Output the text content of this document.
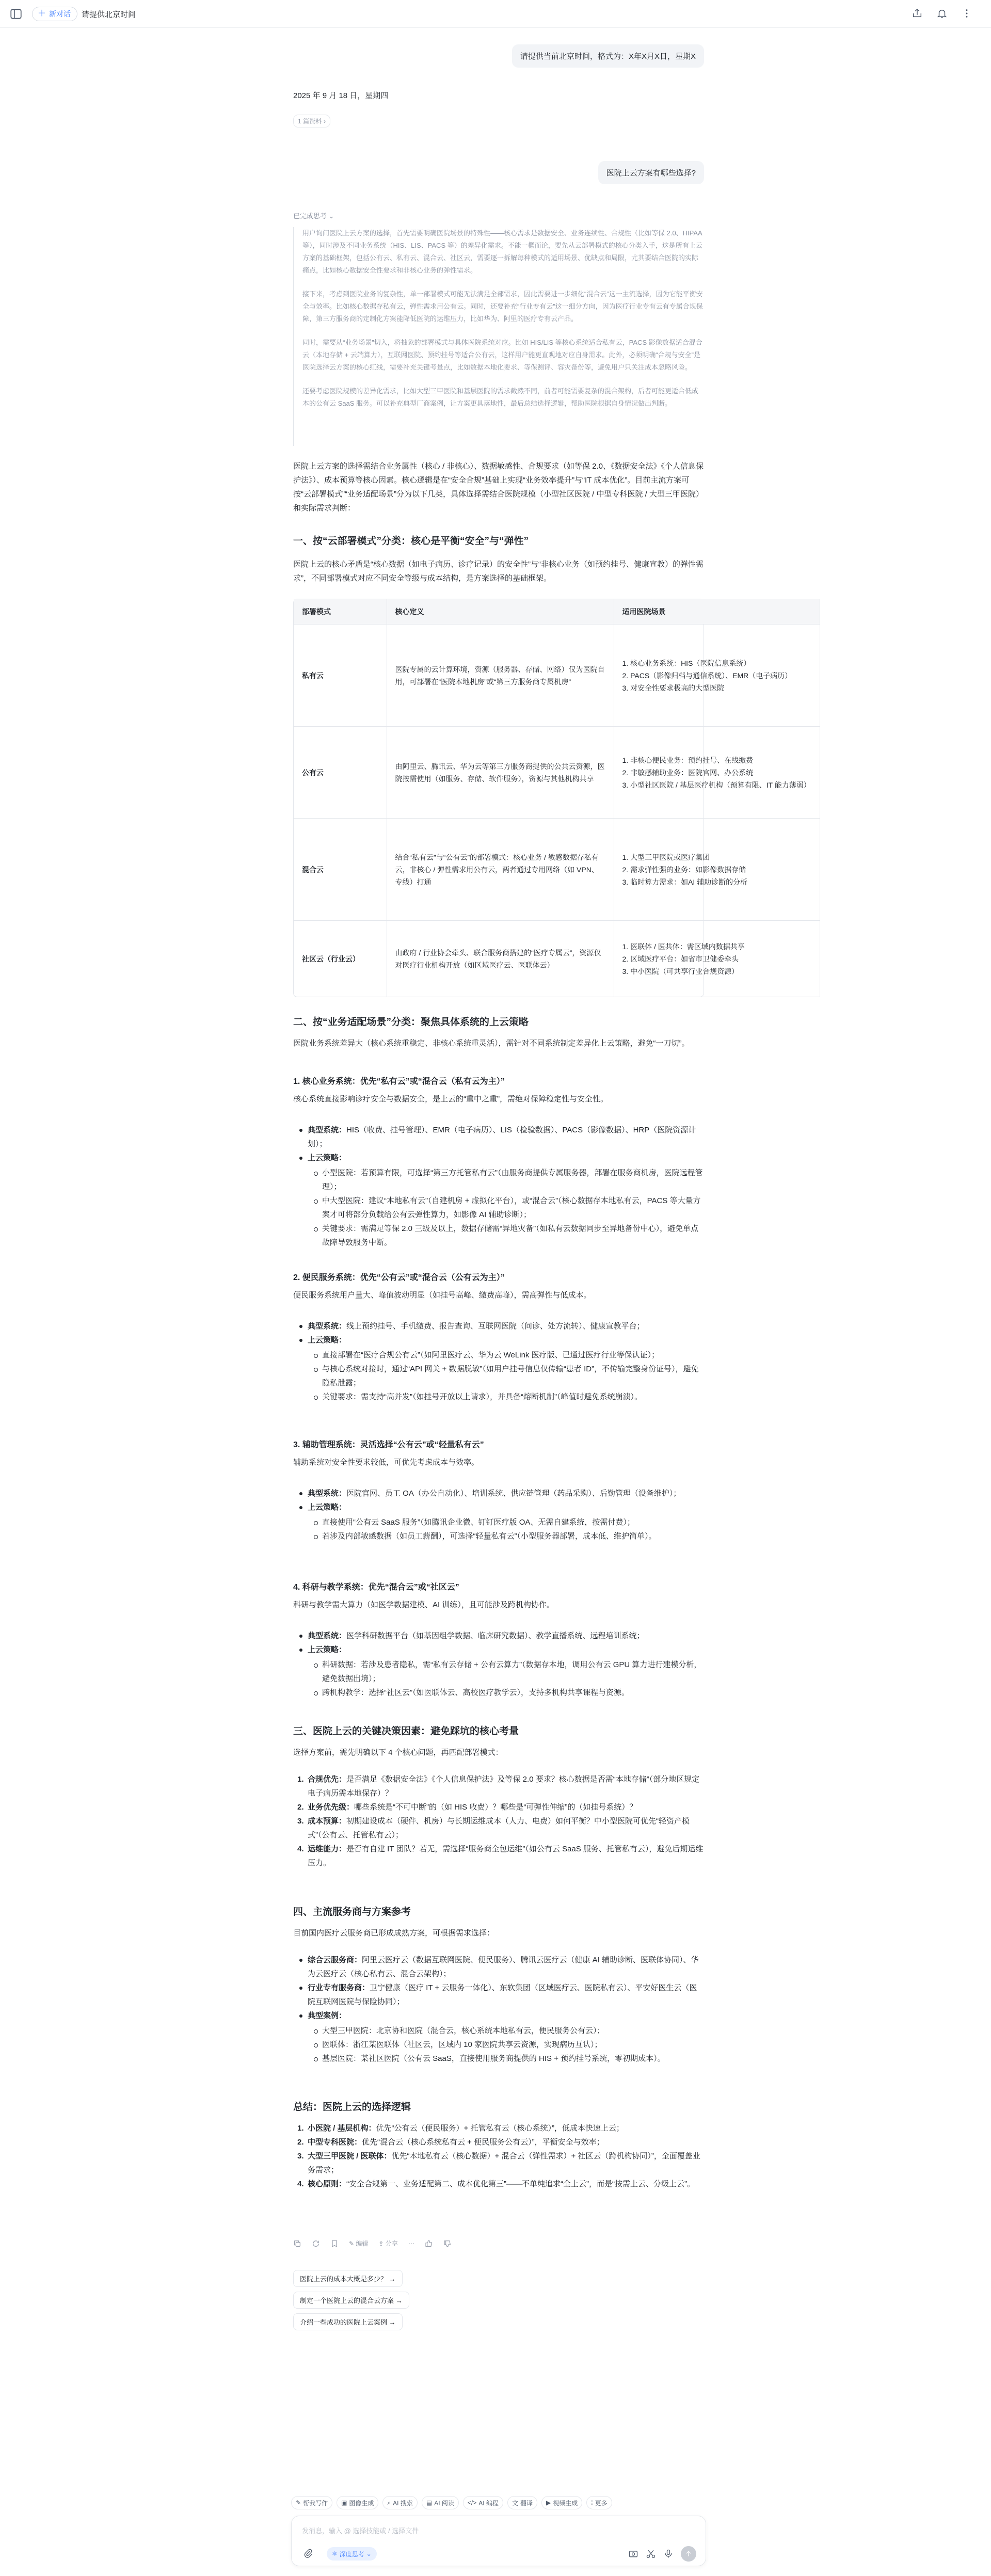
＋ 新对话 请提供北京时间
请提供当前北京时间，格式为：X年X月X日，星期X
2025 年 9 月 18 日，星期四
1 篇资料 ›
医院上云方案有哪些选择?
已完成思考 ⌄

用户询问医院上云方案的选择，首先需要明确医院场景的特殊性——核心需求是数据安全、业务连续性、合规性（比如等保 2.0、HIPAA 等），同时涉及不同业务系统（HIS、LIS、PACS 等）的差异化需求。不能一概而论，要先从云部署模式的核心分类入手，这是所有上云方案的基础框架，包括公有云、私有云、混合云、社区云，需要逐一拆解每种模式的适用场景、优缺点和局限，尤其要结合医院的实际痛点，比如核心数据安全性要求和非核心业务的弹性需求。

接下来，考虑到医院业务的复杂性，单一部署模式可能无法满足全部需求，因此需要进一步细化“混合云”这一主流选择，因为它能平衡安全与效率。比如核心数据存私有云，弹性需求用公有云。同时，还要补充“行业专有云”这一细分方向，因为医疗行业专有云有专属合规保障，第三方服务商的定制化方案能降低医院的运维压力，比如华为、阿里的医疗专有云产品。

同时，需要从“业务场景”切入，将抽象的部署模式与具体医院系统对应。比如 HIS/LIS 等核心系统适合私有云，PACS 影像数据适合混合云（本地存储 + 云端算力），互联网医院、预约挂号等适合公有云，这样用户能更直观地对应自身需求。此外，必须明确“合规与安全”是医院选择云方案的核心红线，需要补充关键考量点，比如数据本地化要求、等保测评、容灾备份等，避免用户只关注成本忽略风险。

还要考虑医院规模的差异化需求，比如大型三甲医院和基层医院的需求截然不同，前者可能需要复杂的混合架构，后者可能更适合低成本的公有云 SaaS 服务。可以补充典型厂商案例，让方案更具落地性，最后总结选择逻辑，帮助医院根据自身情况做出判断。

医院上云方案的选择需结合业务属性（核心 / 非核心）、数据敏感性、合规要求（如等保 2.0、《数据安全法》《个人信息保护法》）、成本预算等核心因素。核心逻辑是在“安全合规”基础上实现“业务效率提升”与“IT 成本优化”。目前主流方案可按“云部署模式”“业务适配场景”分为以下几类，具体选择需结合医院规模（小型社区医院 / 中型专科医院 / 大型三甲医院）和实际需求判断：
一、按“云部署模式”分类：核心是平衡“安全”与“弹性”
医院上云的核心矛盾是“核心数据（如电子病历、诊疗记录）的安全性”与“非核心业务（如预约挂号、健康宣教）的弹性需求”，不同部署模式对应不同安全等级与成本结构，是方案选择的基础框架。
部署模式	核心定义	适用医院场景
私有云	医院专属的云计算环境，资源（服务器、存储、网络）仅为医院自用，可部署在“医院本地机房”或“第三方服务商专属机房”	1. 核心业务系统：HIS（医院信息系统）
2. PACS（影像归档与通信系统）、EMR（电子病历）
3. 对安全性要求极高的大型医院

公有云	由阿里云、腾讯云、华为云等第三方服务商提供的公共云资源，医院按需使用（如服务、存储、软件服务），资源与其他机构共享	1. 非核心便民业务：预约挂号、在线缴费
2. 非敏感辅助业务：医院官网、办公系统
3. 小型社区医院 / 基层医疗机构（预算有限、IT 能力薄弱）

混合云	结合“私有云”与“公有云”的部署模式：核心业务 / 敏感数据存私有云，非核心 / 弹性需求用公有云，两者通过专用网络（如 VPN、专线）打通	1. 大型三甲医院或医疗集团
2. 需求弹性强的业务：如影像数据存储
3. 临时算力需求：如AI 辅助诊断的分析

社区云（行业云）	由政府 / 行业协会牵头、联合服务商搭建的“医疗专属云”，资源仅对医疗行业机构开放（如区域医疗云、医联体云）	1. 医联体 / 医共体：需区域内数据共享
2. 区域医疗平台：如省市卫健委牵头
3. 中小医院（可共享行业合规资源）
二、按“业务适配场景”分类：聚焦具体系统的上云策略
医院业务系统差异大（核心系统重稳定、非核心系统重灵活），需针对不同系统制定差异化上云策略，避免“一刀切”。
1. 核心业务系统：优先“私有云”或“混合云（私有云为主）”
核心系统直接影响诊疗安全与数据安全，是上云的“重中之重”，需绝对保障稳定性与安全性。
典型系统：HIS（收费、挂号管理）、EMR（电子病历）、LIS（检验数据）、PACS（影像数据）、HRP（医院资源计划）；
上云策略：
小型医院：若预算有限，可选择“第三方托管私有云”（由服务商提供专属服务器，部署在服务商机房，医院远程管理）；
中大型医院：建议“本地私有云”（自建机房 + 虚拟化平台），或“混合云”（核心数据存本地私有云，PACS 等大量方案才可将部分负载给公有云弹性算力，如影像 AI 辅助诊断）；
关键要求：需满足等保 2.0 三级及以上，数据存储需“异地灾备”（如私有云数据同步至异地备份中心），避免单点故障导致服务中断。
2. 便民服务系统：优先“公有云”或“混合云（公有云为主）”
便民服务系统用户量大、峰值波动明显（如挂号高峰、缴费高峰），需高弹性与低成本。
典型系统：线上预约挂号、手机缴费、报告查询、互联网医院（问诊、处方流转）、健康宣教平台；
上云策略：
直接部署在“医疗合规公有云”（如阿里医疗云、华为云 WeLink 医疗版、已通过医疗行业等保认证）；
与核心系统对接时，通过“API 网关 + 数据脱敏”（如用户挂号信息仅传输“患者 ID”，不传输完整身份证号），避免隐私泄露；
关键要求：需支持“高并发”（如挂号开放以上请求），并具备“熔断机制”（峰值时避免系统崩溃）。
3. 辅助管理系统：灵活选择“公有云”或“轻量私有云”
辅助系统对安全性要求较低，可优先考虑成本与效率。
典型系统：医院官网、员工 OA（办公自动化）、培训系统、供应链管理（药品采购）、后勤管理（设备维护）；
上云策略：
直接使用“公有云 SaaS 服务”（如腾讯企业微、钉钉医疗版 OA、无需自建系统，按需付费）；
若涉及内部敏感数据（如员工薪酬），可选择“轻量私有云”（小型服务器部署，成本低、维护简单）。
4. 科研与教学系统：优先“混合云”或“社区云”
科研与教学需大算力（如医学数据建模、AI 训练），且可能涉及跨机构协作。
典型系统：医学科研数据平台（如基因组学数据、临床研究数据）、教学直播系统、远程培训系统；
上云策略：
科研数据：若涉及患者隐私，需“私有云存储 + 公有云算力”（数据存本地，调用公有云 GPU 算力进行建模分析，避免数据出境）；
跨机构教学：选择“社区云”（如医联体云、高校医疗教学云），支持多机构共享课程与资源。
三、医院上云的关键决策因素：避免踩坑的核心考量
选择方案前，需先明确以下 4 个核心问题，再匹配部署模式：
1. 合规优先：是否满足《数据安全法》《个人信息保护法》及等保 2.0 要求？核心数据是否需“本地存储”（部分地区规定电子病历需本地保存）？
2. 业务优先级：哪些系统是“不可中断”的（如 HIS 收费）？哪些是“可弹性伸缩”的（如挂号系统）？
3. 成本预算：初期建设成本（硬件、机房）与长期运维成本（人力、电费）如何平衡？中小型医院可优先“轻资产模式”（公有云、托管私有云）；
4. 运维能力：是否有自建 IT 团队？若无，需选择“服务商全包运维”（如公有云 SaaS 服务、托管私有云），避免后期运维压力。
四、主流服务商与方案参考
目前国内医疗云服务商已形成成熟方案，可根据需求选择：
综合云服务商：阿里云医疗云（数据互联网医院、便民服务）、腾讯云医疗云（健康 AI 辅助诊断、医联体协同）、华为云医疗云（核心私有云、混合云架构）；
行业专有服务商：卫宁健康（医疗 IT + 云服务一体化）、东软集团（区域医疗云、医院私有云）、平安好医生云（医院互联网医院与保险协同）；
典型案例：
大型三甲医院：北京协和医院（混合云，核心系统本地私有云，便民服务公有云）；
医联体：浙江某医联体（社区云，区域内 10 家医院共享云资源，实现病历互认）；
基层医院：某社区医院（公有云 SaaS，直接使用服务商提供的 HIS + 预约挂号系统，零初期成本）。
总结：医院上云的选择逻辑
1. 小医院 / 基层机构：优先“公有云（便民服务）+ 托管私有云（核心系统）”，低成本快速上云；
2. 中型专科医院：优先“混合云（核心系统私有云 + 便民服务公有云）”，平衡安全与效率；
3. 大型三甲医院 / 医联体：优先“本地私有云（核心数据）+ 混合云（弹性需求）+ 社区云（跨机构协同）”，全面覆盖业务需求；
4. 核心原则：“安全合规第一、业务适配第二、成本优化第三”——不单纯追求“全上云”，而是“按需上云、分级上云”。
✎ 编辑 ⇪ 分享 ⋯
医院上云的成本大概是多少？ →
制定一个医院上云的混合云方案 →
介绍一些成功的医院上云案例 →
✎ 帮我写作 ▣ 图像生成 ⌕ AI 搜索 ▤ AI 阅读 </> AI 编程 文 翻译 ▶ 视频生成 ⁞ 更多
发消息，输入 @ 选择技能或 / 选择文件
⚛ 深度思考 ⌄
